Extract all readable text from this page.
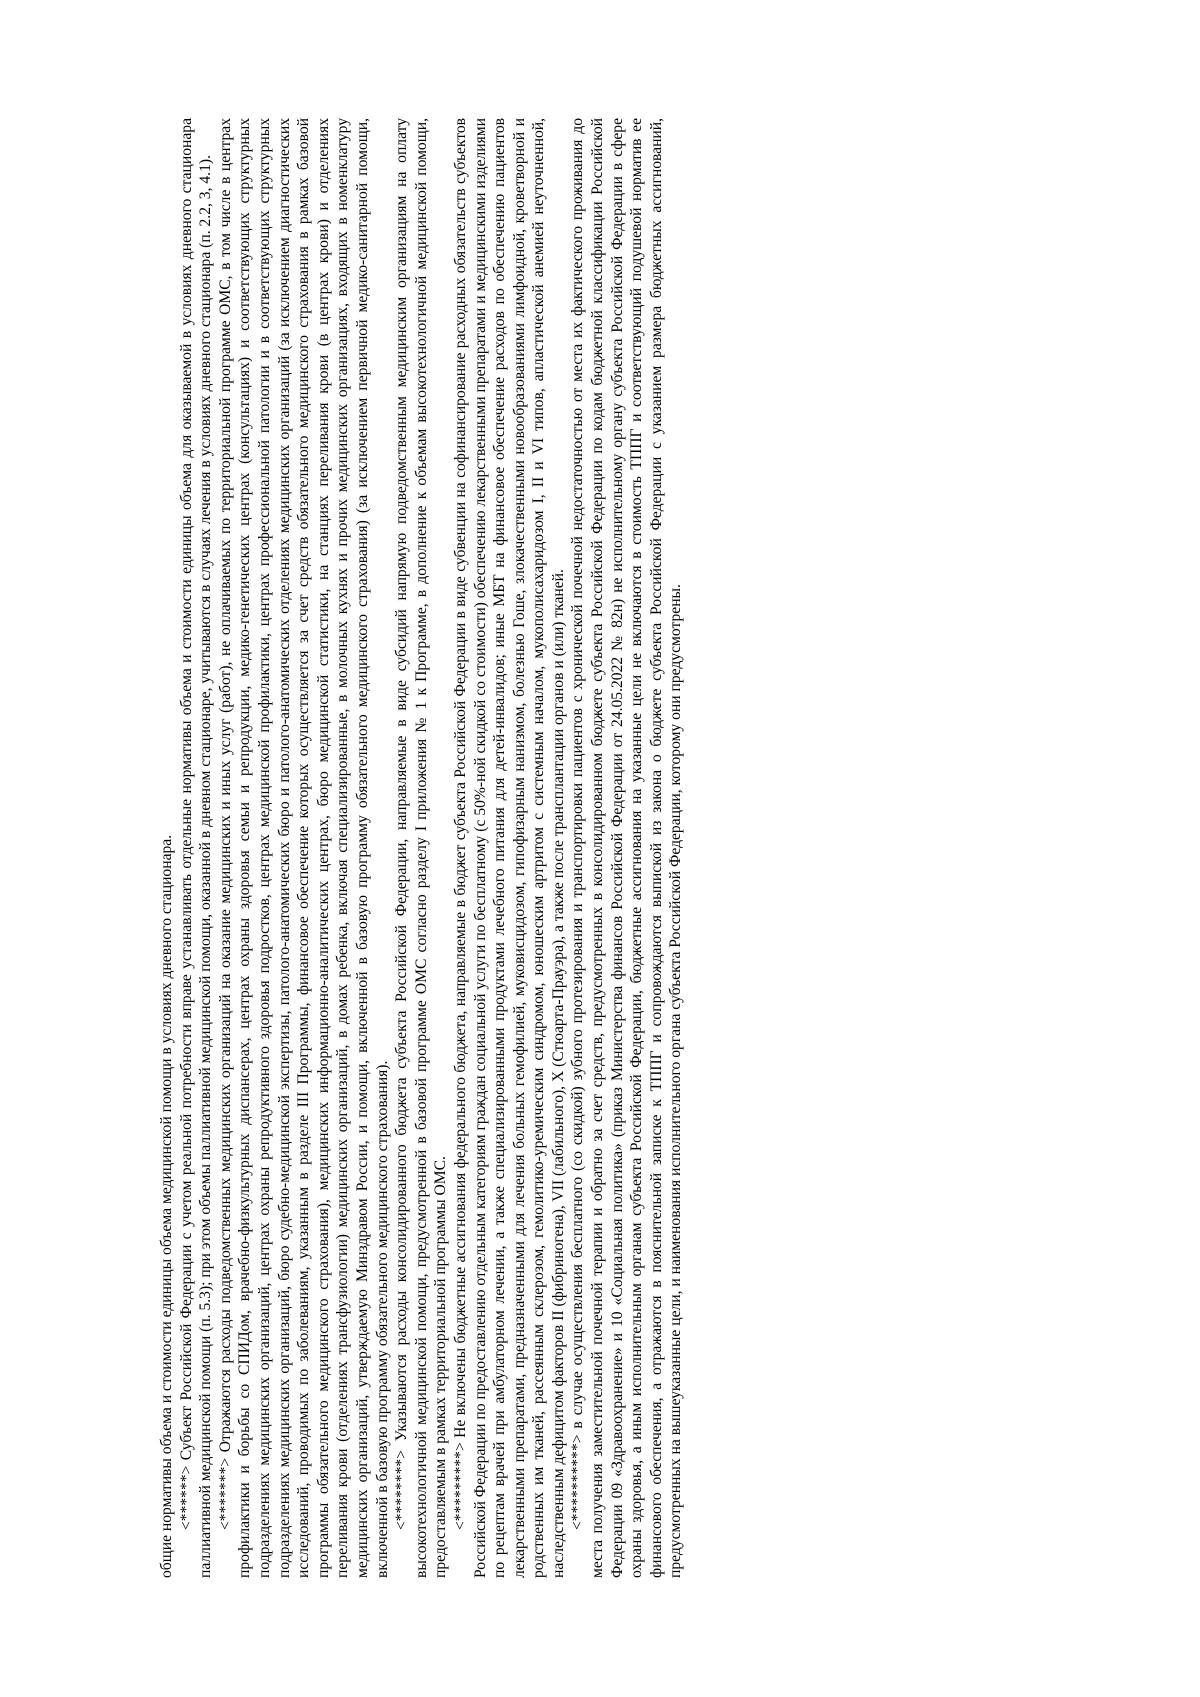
общие нормативы объема и стоимости единицы объема медицинской помощи в условиях дневного стационара. <******> Субъект Российской Федерации с учетом реальной потребности вправе устанавливать отдельные нормативы объема и стоимости единицы объема для оказываемой в условиях дневного стационара паллиативной медицинской помощи (п. 5.3); при этом объемы паллиативной медицинской помощи, оказанной в дневном стационаре, учитываются в случаях лечения в условиях дневного стационара (п. 2.2, 3, 4.1). <*******> Отражаются расходы подведомственных медицинских организаций на оказание медицинских и иных услуг (работ), не оплачиваемых по территориальной программе ОМС, в том числе в центрах профилактики и борьбы со СПИДом, врачебно-физкультурных диспансерах, центрах охраны здоровья семьи и репродукции, медико-генетических центрах (консультациях) и соответствующих структурных подразделениях медицинских организаций, центрах охраны репродуктивного здоровья подростков, центрах медицинской профилактики, центрах профессиональной патологии и в соответствующих структурных подразделениях медицинских организаций, бюро судебно-медицинской экспертизы, патолого-анатомических бюро и патолого-анатомических отделениях медицинских организаций (за исключением диагностических исследований, проводимых по заболеваниям, указанным в разделе III Программы, финансовое обеспечение которых осуществляется за счет средств обязательного медицинского страхования в рамках базовой программы обязательного медицинского страхования), медицинских информационно-аналитических центрах, бюро медицинской статистики, на станциях переливания крови (в центрах крови) и отделениях переливания крови (отделениях трансфузиологии) медицинских организаций, в домах ребенка, включая специализированные, в молочных кухнях и прочих медицинских организациях, входящих в номенклатуру медицинских организаций, утверждаемую Минздравом России, и помощи, включенной в базовую программу обязательного медицинского страхования) (за исключением первичной медико-санитарной помощи, включенной в базовую программу обязательного медицинского страхования). <********> Указываются расходы консолидированного бюджета субъекта Российской Федерации, направляемые в виде субсидий напрямую подведомственным медицинским организациям на оплату высокотехнологичной медицинской помощи, предусмотренной в базовой программе ОМС согласно разделу I приложения № 1 к Программе, в дополнение к объемам высокотехнологичной медицинской помощи, предоставляемым в рамках территориальной программы ОМС. <*********> Не включены бюджетные ассигнования федерального бюджета, направляемые в бюджет субъекта Российской Федерации в виде субвенции на софинансирование расходных обязательств субъектов Российской Федерации по предоставлению отдельным категориям граждан социальной услуги по бесплатному (с 50%-ной скидкой со стоимости) обеспечению лекарственными препаратами и медицинскими изделиями по рецептам врачей при амбулаторном лечении, а также специализированными продуктами лечебного питания для детей-инвалидов; иные МБТ на финансовое обеспечение расходов по обеспечению пациентов лекарственными препаратами, предназначенными для лечения больных гемофилией, муковисцидозом, гипофизарным нанизмом, болезнью Гоше, злокачественными новообразованиями лимфоидной, кроветворной и родственных им тканей, рассеянным склерозом, гемолитико-уремическим синдромом, юношеским артритом с системным началом, мукополисахаридозом I, II и VI типов, апластической анемией неуточненной, наследственным дефицитом факторов II (фибриногена), VII (лабильного), X (Стюарта-Прауэра), а также после трансплантации органов и (или) тканей. <**********> в случае осуществления бесплатного (со скидкой) зубного протезирования и транспортировки пациентов с хронической почечной недостаточностью от места их фактического проживания до места получения заместительной почечной терапии и обратно за счет средств, предусмотренных в консолидированном бюджете субъекта Российской Федерации по кодам бюджетной классификации Российской Федерации 09 «Здравоохранение» и 10 «Социальная политика» (приказ Министерства финансов Российской Федерации от 24.05.2022 № 82н) не исполнительному органу субъекта Российской Федерации в сфере охраны здоровья, а иным исполнительным органам субъекта Российской Федерации, бюджетные ассигнования на указанные цели не включаются в стоимость ТППГ и соответствующий подушевой норматив ее финансового обеспечения, а отражаются в пояснительной записке к ТППГ и сопровождаются выпиской из закона о бюджете субъекта Российской Федерации с указанием размера бюджетных ассигнований, предусмотренных на вышеуказанные цели, и наименования исполнительного органа субъекта Российской Федерации, которому они предусмотрены.
